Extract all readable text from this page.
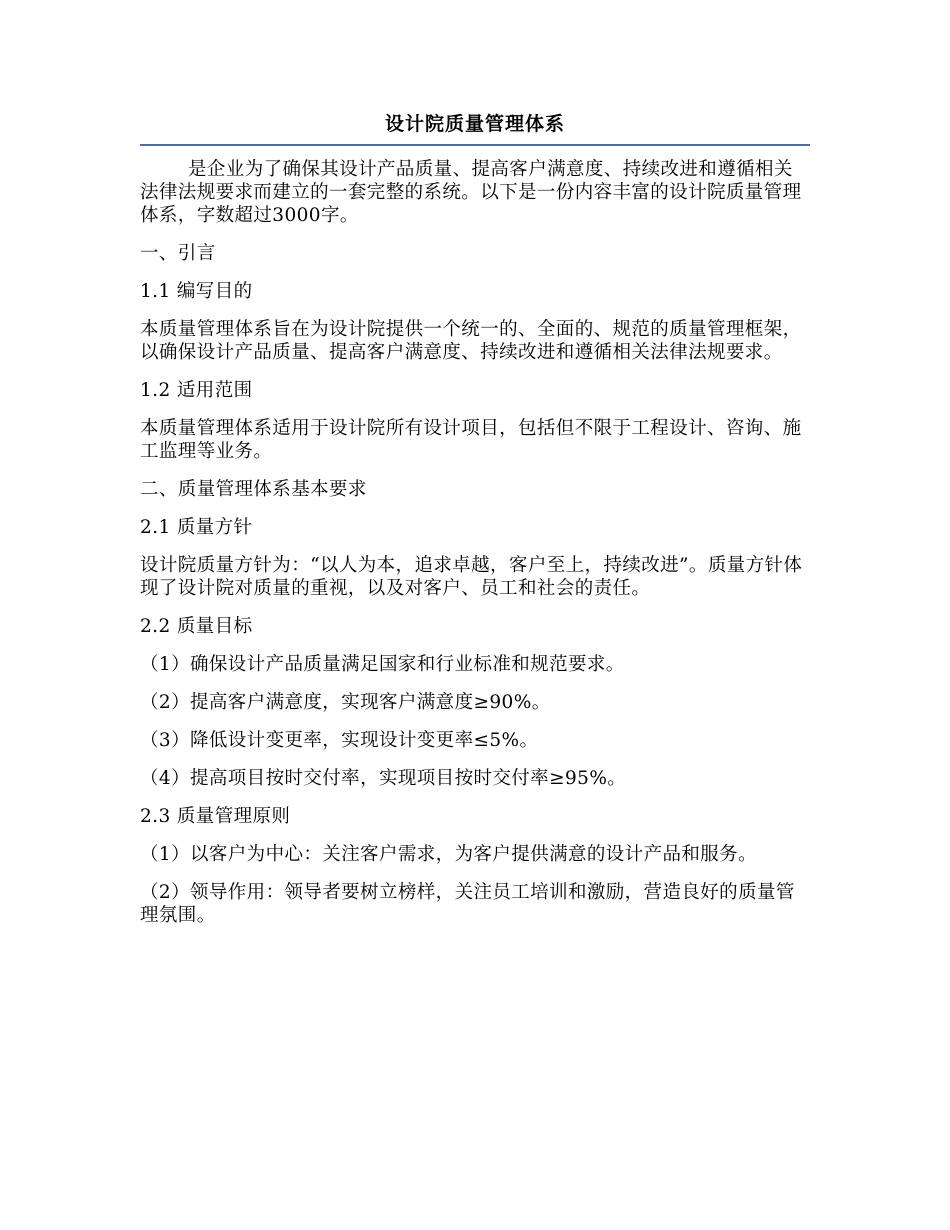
设计院质量管理体系

是企业为了确保其设计产品质量、提高客户满意度、持续改进和遵循相关法律法规要求而建立的一套完整的系统。以下是一份内容丰富的设计院质量管理体系，字数超过3000字。

一、引言

1.1 编写目的

本质量管理体系旨在为设计院提供一个统一的、全面的、规范的质量管理框架，以确保设计产品质量、提高客户满意度、持续改进和遵循相关法律法规要求。

1.2 适用范围

本质量管理体系适用于设计院所有设计项目，包括但不限于工程设计、咨询、施工监理等业务。

二、质量管理体系基本要求

2.1 质量方针

设计院质量方针为：“以人为本，追求卓越，客户至上，持续改进”。质量方针体现了设计院对质量的重视，以及对客户、员工和社会的责任。

2.2 质量目标

（1）确保设计产品质量满足国家和行业标准和规范要求。

（2）提高客户满意度，实现客户满意度≥90%。

（3）降低设计变更率，实现设计变更率≤5%。

（4）提高项目按时交付率，实现项目按时交付率≥95%。

2.3 质量管理原则

（1）以客户为中心：关注客户需求，为客户提供满意的设计产品和服务。

（2）领导作用：领导者要树立榜样，关注员工培训和激励，营造良好的质量管理氛围。
